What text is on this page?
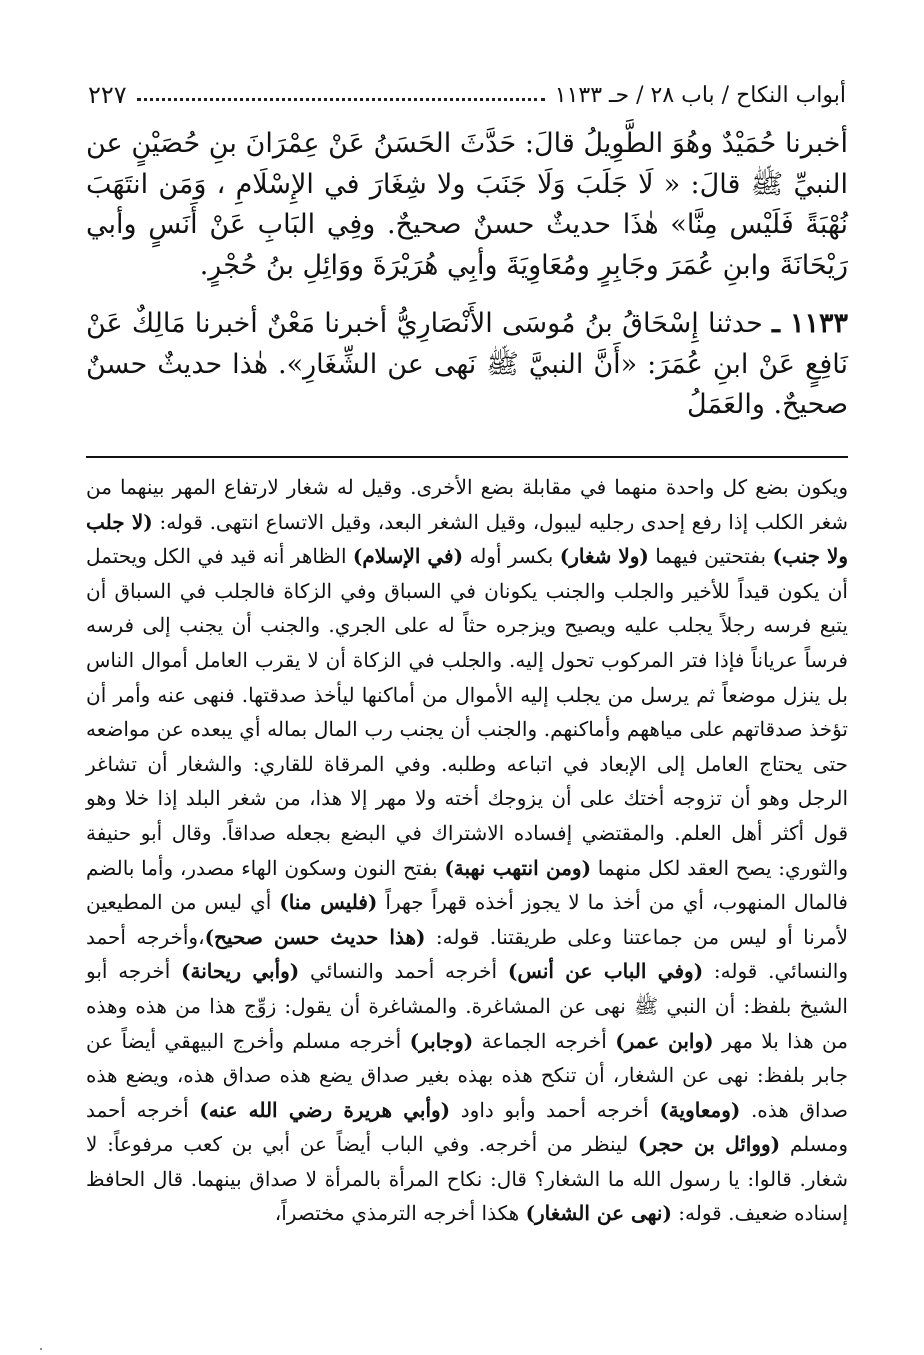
أبواب النكاح / باب ٢٨ / حـ ١١٣٣
٢٢٧

أخبرنا حُمَيْدٌ وهُوَ الطَّوِيلُ قالَ: حَدَّثَ الحَسَنُ عَنْ عِمْرَانَ بنِ حُصَيْنٍ عن النبيِّ ﷺ قالَ: « لَا جَلَبَ وَلَا جَنَبَ ولا شِغَارَ في الإِسْلَامِ ، وَمَن انتَهَبَ نُهْبَةً فَلَيْس مِنَّا» هٰذَا حديثٌ حسنٌ صحيحٌ. وفِي البَابِ عَنْ أَنَسٍ وأبي رَيْحَانَةَ وابنِ عُمَرَ وجَابِرٍ ومُعَاوِيَةَ وأبِي هُرَيْرَةَ ووَائِلِ بنُ حُجْرٍ.

١١٣٣ ـ حدثنا إِسْحَاقُ بنُ مُوسَى الأَنْصَارِيُّ أخبرنا مَعْنٌ أخبرنا مَالِكٌ عَنْ نَافِعٍ عَنْ ابنِ عُمَرَ: «أَنَّ النبيَّ ﷺ نَهى عن الشِّغَارِ». هٰذا حديثٌ حسنٌ صحيحٌ. والعَمَلُ

ويكون بضع كل واحدة منهما في مقابلة بضع الأخرى. وقيل له شغار لارتفاع المهر بينهما من شغر الكلب إذا رفع إحدى رجليه ليبول، وقيل الشغر البعد، وقيل الاتساع انتهى. قوله: (لا جلب ولا جنب) بفتحتين فيهما (ولا شغار) بكسر أوله (في الإسلام) الظاهر أنه قيد في الكل ويحتمل أن يكون قيداً للأخير والجلب والجنب يكونان في السباق وفي الزكاة فالجلب في السباق أن يتبع فرسه رجلاً يجلب عليه ويصيح ويزجره حثاً له على الجري. والجنب أن يجنب إلى فرسه فرساً عرياناً فإذا فتر المركوب تحول إليه. والجلب في الزكاة أن لا يقرب العامل أموال الناس بل ينزل موضعاً ثم يرسل من يجلب إليه الأموال من أماكنها ليأخذ صدقتها. فنهى عنه وأمر أن تؤخذ صدقاتهم على مياههم وأماكنهم. والجنب أن يجنب رب المال بماله أي يبعده عن مواضعه حتى يحتاج العامل إلى الإبعاد في اتباعه وطلبه. وفي المرقاة للقاري: والشغار أن تشاغر الرجل وهو أن تزوجه أختك على أن يزوجك أخته ولا مهر إلا هذا، من شغر البلد إذا خلا وهو قول أكثر أهل العلم. والمقتضي إفساده الاشتراك في البضع بجعله صداقاً. وقال أبو حنيفة والثوري: يصح العقد لكل منهما (ومن انتهب نهبة) بفتح النون وسكون الهاء مصدر، وأما بالضم فالمال المنهوب، أي من أخذ ما لا يجوز أخذه قهراً جهراً (فليس منا) أي ليس من المطيعين لأمرنا أو ليس من جماعتنا وعلى طريقتنا. قوله: (هذا حديث حسن صحيح)،وأخرجه أحمد والنسائي. قوله: (وفي الباب عن أنس) أخرجه أحمد والنسائي (وأبي ريحانة) أخرجه أبو الشيخ بلفظ: أن النبي ﷺ نهى عن المشاغرة. والمشاغرة أن يقول: زوِّج هذا من هذه وهذه من هذا بلا مهر (وابن عمر) أخرجه الجماعة (وجابر) أخرجه مسلم وأخرج البيهقي أيضاً عن جابر بلفظ: نهى عن الشغار، أن تنكح هذه بهذه بغير صداق يضع هذه صداق هذه، ويضع هذه صداق هذه. (ومعاوية) أخرجه أحمد وأبو داود (وأبي هريرة رضي الله عنه) أخرجه أحمد ومسلم (ووائل بن حجر) لينظر من أخرجه. وفي الباب أيضاً عن أبي بن كعب مرفوعاً: لا شغار. قالوا: يا رسول الله ما الشغار؟ قال: نكاح المرأة بالمرأة لا صداق بينهما. قال الحافظ إسناده ضعيف. قوله: (نهى عن الشغار) هكذا أخرجه الترمذي مختصراً،
